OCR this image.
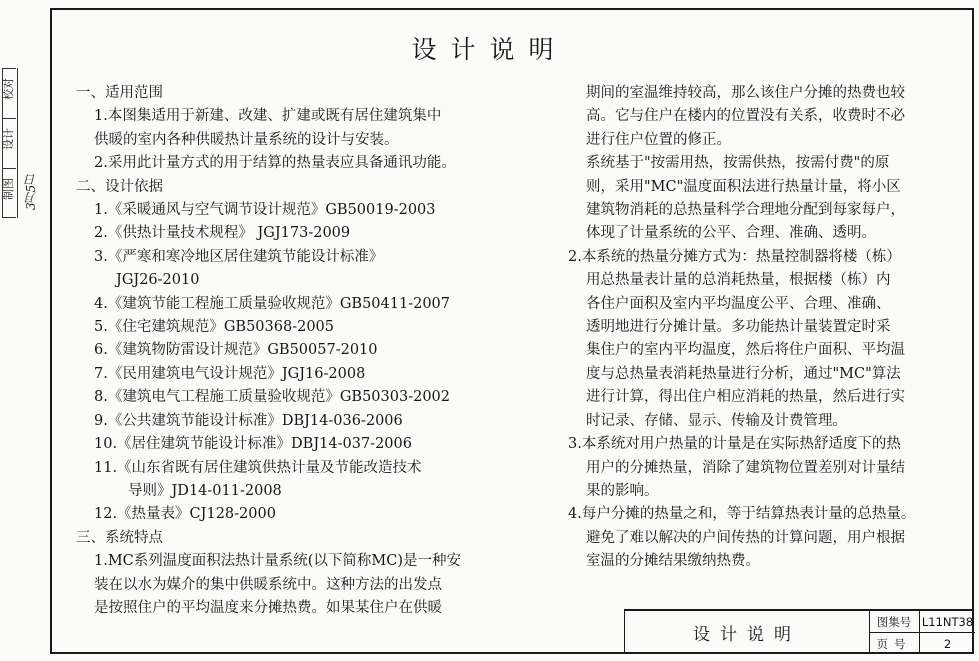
校对
设计
制图 3月5日
设计说明
一、适用范围
1.本图集适用于新建、改建、扩建或既有居住建筑集中
供暖的室内各种供暖热计量系统的设计与安装。
2.采用此计量方式的用于结算的热量表应具备通讯功能。
二、设计依据
1.《采暖通风与空气调节设计规范》GB50019-2003
2.《供热计量技术规程》 JGJ173-2009
3.《严寒和寒冷地区居住建筑节能设计标准》
JGJ26-2010
4.《建筑节能工程施工质量验收规范》GB50411-2007
5.《住宅建筑规范》GB50368-2005
6.《建筑物防雷设计规范》GB50057-2010
7.《民用建筑电气设计规范》JGJ16-2008
8.《建筑电气工程施工质量验收规范》GB50303-2002
9.《公共建筑节能设计标准》DBJ14-036-2006
10.《居住建筑节能设计标准》DBJ14-037-2006
11.《山东省既有居住建筑供热计量及节能改造技术
导则》JD14-011-2008
12.《热量表》CJ128-2000
三、系统特点
1.MC系列温度面积法热计量系统(以下简称MC)是一种安
装在以水为媒介的集中供暖系统中。这种方法的出发点
是按照住户的平均温度来分摊热费。如果某住户在供暖
期间的室温维持较高，那么该住户分摊的热费也较
高。它与住户在楼内的位置没有关系，收费时不必
进行住户位置的修正。
系统基于"按需用热，按需供热，按需付费"的原
则，采用"MC"温度面积法进行热量计量，将小区
建筑物消耗的总热量科学合理地分配到每家每户，
体现了计量系统的公平、合理、准确、透明。
2.本系统的热量分摊方式为：热量控制器将楼（栋）
用总热量表计量的总消耗热量，根据楼（栋）内
各住户面积及室内平均温度公平、合理、准确、
透明地进行分摊计量。多功能热计量装置定时采
集住户的室内平均温度，然后将住户面积、平均温
度与总热量表消耗热量进行分析，通过"MC"算法
进行计算，得出住户相应消耗的热量，然后进行实
时记录、存储、显示、传输及计费管理。
3.本系统对用户热量的计量是在实际热舒适度下的热
用户的分摊热量，消除了建筑物位置差别对计量结
果的影响。
4.每户分摊的热量之和，等于结算热表计量的总热量。
避免了难以解决的户间传热的计算问题，用户根据
室温的分摊结果缴纳热费。
设计说明
图集号 L11NT38
页号	2
